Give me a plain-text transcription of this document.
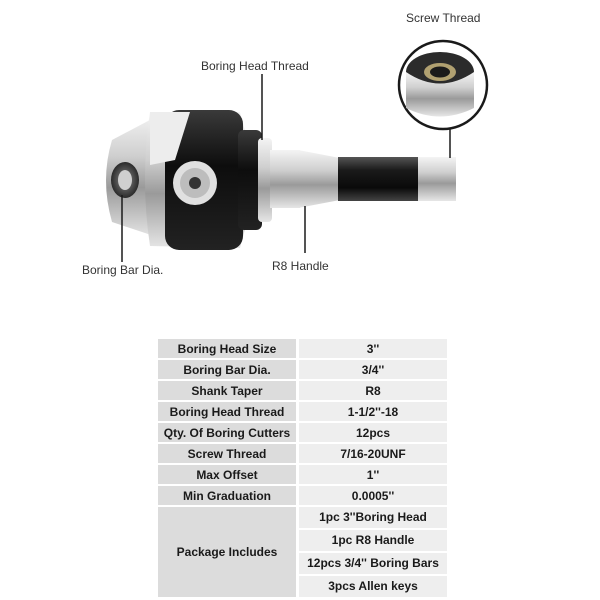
Screw Thread
Boring Head Thread
Boring Bar Dia.	R8 Handle
Boring Head Size	3''
Boring Bar Dia.	3/4''
Shank Taper	R8
Boring Head Thread	1-1/2''-18
Qty. Of Boring Cutters	12pcs
Screw Thread	7/16-20UNF
Max Offset	1''
Min Graduation	0.0005''
Package Includes	1pc 3''Boring Head
1pc R8 Handle
12pcs 3/4'' Boring Bars
3pcs Allen keys
